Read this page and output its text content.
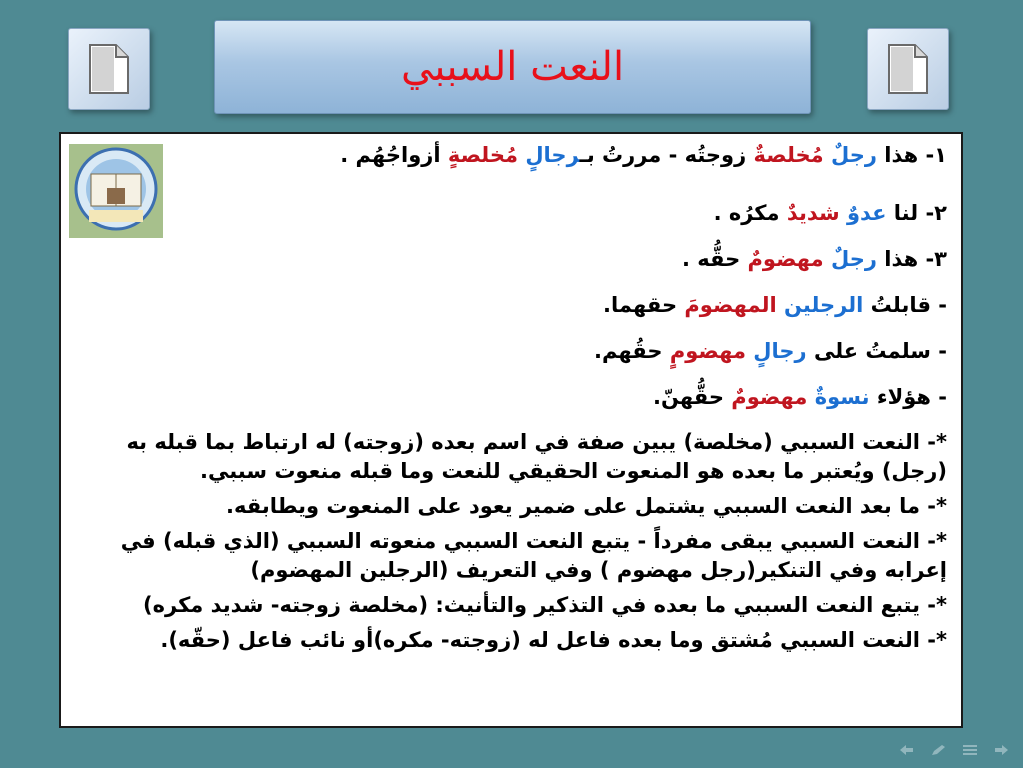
النعت السببي
١- هذا رجلٌ مُخلصةٌ زوجتُه - مررتُ بـرجالٍ مُخلصةٍ أزواجُهُم .
٢- لنا عدوٌ شديدٌ مكرُه .
٣- هذا رجلٌ مهضومٌ حقُّه .
- قابلتُ الرجلين المهضومَ حقهما.
- سلمتُ على رجالٍ مهضومٍ حقُهم.
- هؤلاء نسوةٌ مهضومٌ حقُّهنّ.
*- النعت السببي (مخلصة) يبين صفة في اسم بعده (زوجته) له ارتباط بما قبله به (رجل) ويُعتبر ما بعده هو المنعوت الحقيقي للنعت وما قبله منعوت سببي.
*- ما بعد النعت السببي يشتمل على ضمير يعود على المنعوت ويطابقه.
*- النعت السببي يبقى مفرداً - يتبع النعت السببي منعوته السببي (الذي قبله) في إعرابه وفي التنكير(رجل مهضوم ) وفي التعريف (الرجلين المهضوم)
*- يتبع النعت السببي ما بعده في التذكير والتأنيث: (مخلصة زوجته- شديد مكره)
*- النعت السببي مُشتق وما بعده فاعل له (زوجته- مكره)أو نائب فاعل (حقّه).
